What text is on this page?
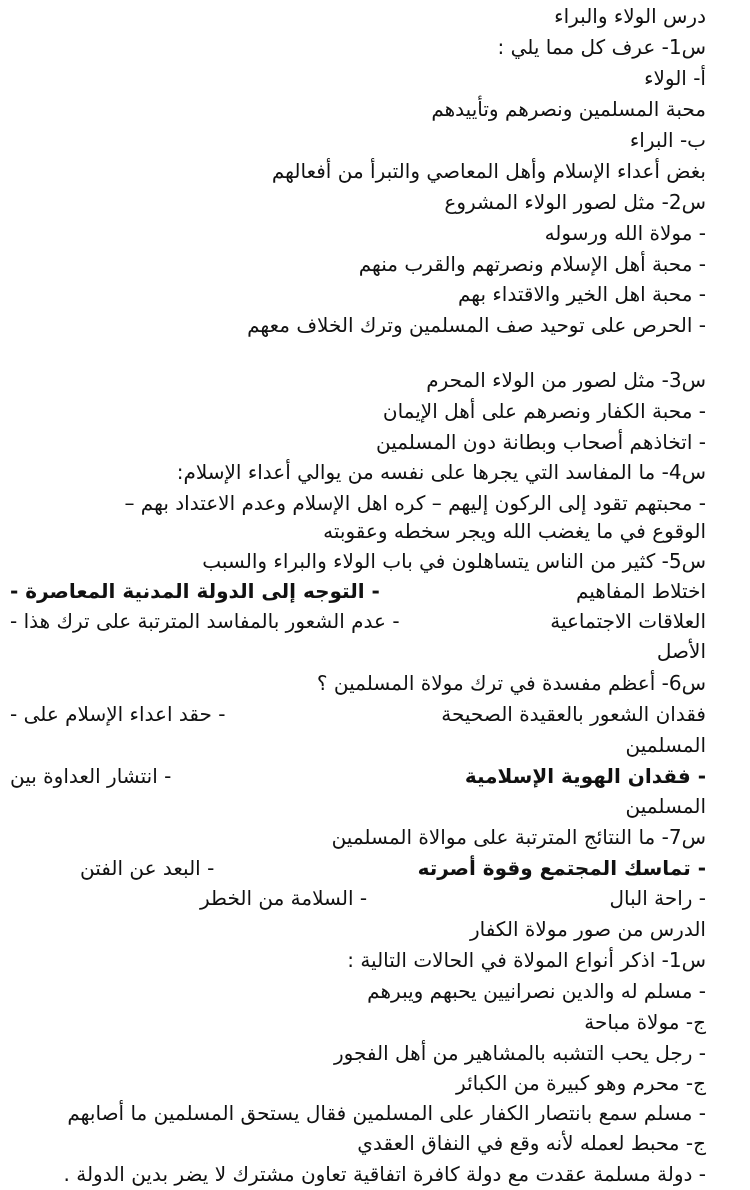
درس الولاء والبراء
س1- عرف كل مما يلي :
أ- الولاء
محبة المسلمين ونصرهم وتأييدهم
ب- البراء
بغض أعداء الإسلام وأهل المعاصي والتبرأ من أفعالهم
س2- مثل لصور الولاء المشروع
- مولاة الله ورسوله
- محبة أهل الإسلام ونصرتهم والقرب منهم
- محبة اهل الخير والاقتداء بهم
- الحرص على توحيد صف المسلمين وترك الخلاف معهم
س3- مثل لصور من الولاء المحرم
- محبة الكفار ونصرهم على أهل الإيمان
- اتخاذهم أصحاب وبطانة دون المسلمين
س4- ما المفاسد التي يجرها على نفسه من يوالي أعداء الإسلام:
- محبتهم تقود إلى الركون إليهم – كره اهل الإسلام وعدم الاعتداد بهم –
الوقوع في ما يغضب الله ويجر سخطه وعقوبته
س5- كثير من الناس يتساهلون في باب الولاء والبراء والسبب
اختلاط المفاهيم
- التوجه إلى الدولة المدنية المعاصرة -
العلاقات الاجتماعية
- عدم الشعور بالمفاسد المترتبة على ترك هذا -
الأصل
س6- أعظم مفسدة في ترك مولاة المسلمين ؟
فقدان الشعور بالعقيدة الصحيحة
- حقد اعداء الإسلام على -
المسلمين
- فقدان الهوية الإسلامية
- انتشار العداوة بين
المسلمين
س7- ما النتائج المترتبة على موالاة المسلمين
- تماسك المجتمع وقوة أصرته
- البعد عن الفتن
- راحة البال
- السلامة من الخطر
الدرس من صور مولاة الكفار
س1- اذكر أنواع المولاة في الحالات التالية :
- مسلم له والدين نصرانيين يحبهم ويبرهم
ج- مولاة مباحة
- رجل يحب التشبه بالمشاهير من أهل الفجور
ج- محرم وهو كبيرة من الكبائر
- مسلم سمع بانتصار الكفار على المسلمين فقال يستحق المسلمين ما أصابهم
ج- محبط لعمله لأنه وقع في النفاق العقدي
- دولة مسلمة عقدت مع دولة كافرة اتفاقية تعاون مشترك لا يضر بدين الدولة .
